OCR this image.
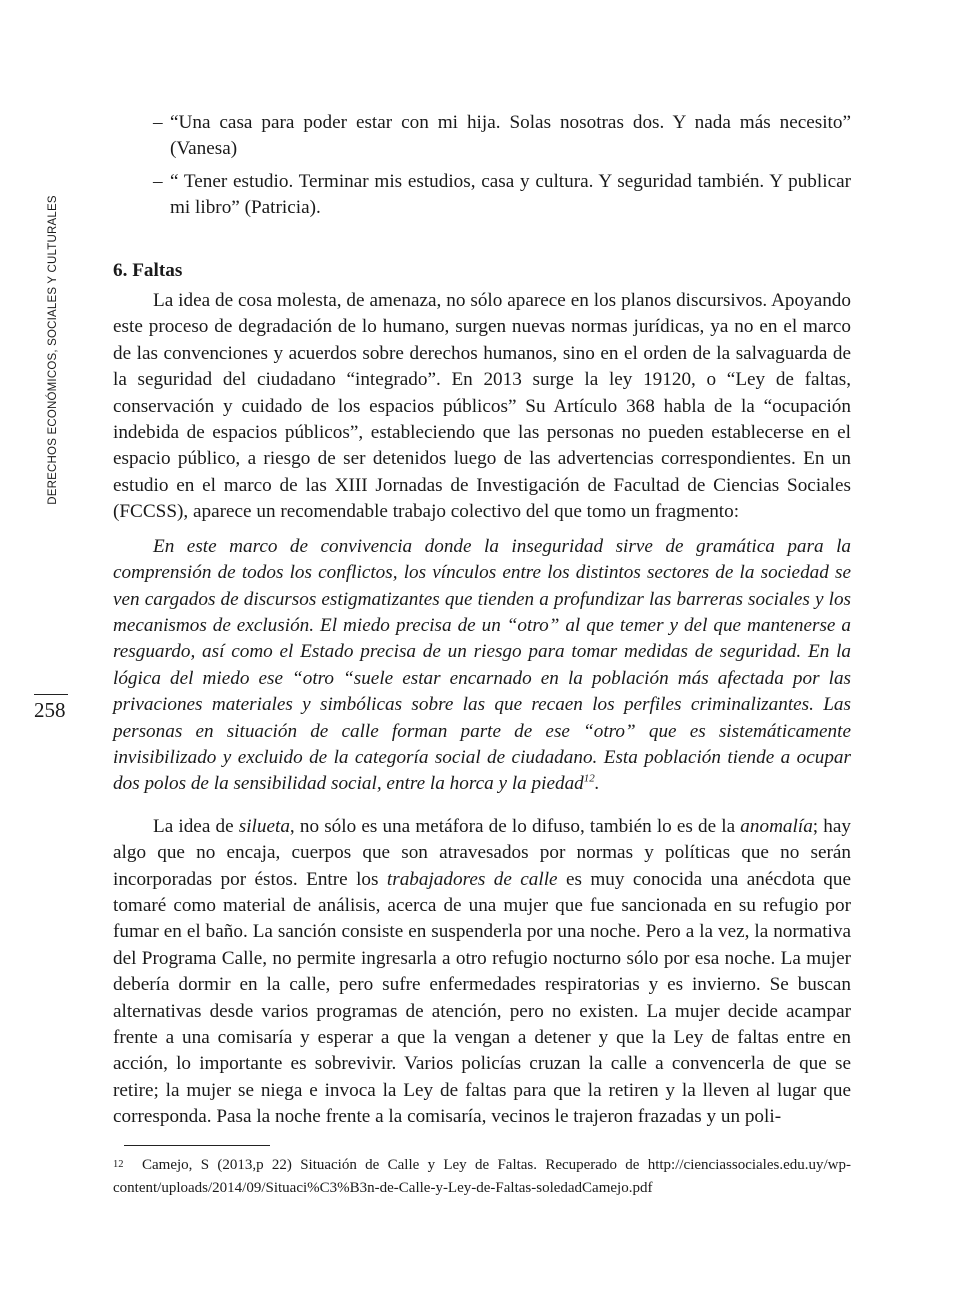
DERECHOS ECONÓMICOS, SOCIALES Y CULTURALES
258
– “Una casa para poder estar con mi hija. Solas nosotras dos. Y nada más necesito” (Vanesa)
– “ Tener estudio. Terminar mis estudios, casa y cultura. Y seguridad también. Y publicar mi libro” (Patricia).
6. Faltas

La idea de cosa molesta, de amenaza, no sólo aparece en los planos discursivos. Apoyando este proceso de degradación de lo humano, surgen nuevas normas jurídicas, ya no en el marco de las convenciones y acuerdos sobre derechos humanos, sino en el orden de la salvaguarda de la seguridad del ciudadano “integrado”. En 2013 surge la ley 19120, o “Ley de faltas, conservación y cuidado de los espacios públicos” Su Artículo 368 habla de la “ocupación indebida de espacios públicos”, estableciendo que las personas no pueden establecerse en el espacio público, a riesgo de ser detenidos luego de las advertencias correspondientes. En un estudio en el marco de las XIII Jornadas de Investigación de Facultad de Ciencias Sociales (FCCSS), aparece un recomendable trabajo colectivo del que tomo un fragmento:

En este marco de convivencia donde la inseguridad sirve de gramática para la comprensión de todos los conflictos, los vínculos entre los distintos sectores de la sociedad se ven cargados de discursos estigmatizantes que tienden a profundizar las barreras sociales y los mecanismos de exclusión. El miedo precisa de un “otro” al que temer y del que mantenerse a resguardo, así como el Estado precisa de un riesgo para tomar medidas de seguridad. En la lógica del miedo ese “otro “suele estar encarnado en la población más afectada por las privaciones materiales y simbólicas sobre las que recaen los perfiles criminalizantes. Las personas en situación de calle forman parte de ese “otro” que es sistemáticamente invisibilizado y excluido de la categoría social de ciudadano. Esta población tiende a ocupar dos polos de la sensibilidad social, entre la horca y la piedad$^{12}$.

La idea de silueta, no sólo es una metáfora de lo difuso, también lo es de la anomalía; hay algo que no encaja, cuerpos que son atravesados por normas y políticas que no serán incorporadas por éstos. Entre los trabajadores de calle es muy conocida una anécdota que tomaré como material de análisis, acerca de una mujer que fue sancionada en su refugio por fumar en el baño. La sanción consiste en suspenderla por una noche. Pero a la vez, la normativa del Programa Calle, no permite ingresarla a otro refugio nocturno sólo por esa noche. La mujer debería dormir en la calle, pero sufre enfermedades respiratorias y es invierno. Se buscan alternativas desde varios programas de atención, pero no existen. La mujer decide acampar frente a una comisaría y esperar a que la vengan a detener y que la Ley de faltas entre en acción, lo importante es sobrevivir. Varios policías cruzan la calle a convencerla de que se retire; la mujer se niega e invoca la Ley de faltas para que la retiren y la lleven al lugar que corresponda. Pasa la noche frente a la comisaría, vecinos le trajeron frazadas y un poli-

12 Camejo, S (2013,p 22) Situación de Calle y Ley de Faltas. Recuperado de http://cienciassociales.edu.uy/wp-content/uploads/2014/09/Situaci%C3%B3n-de-Calle-y-Ley-de-Faltas-soledadCamejo.pdf
